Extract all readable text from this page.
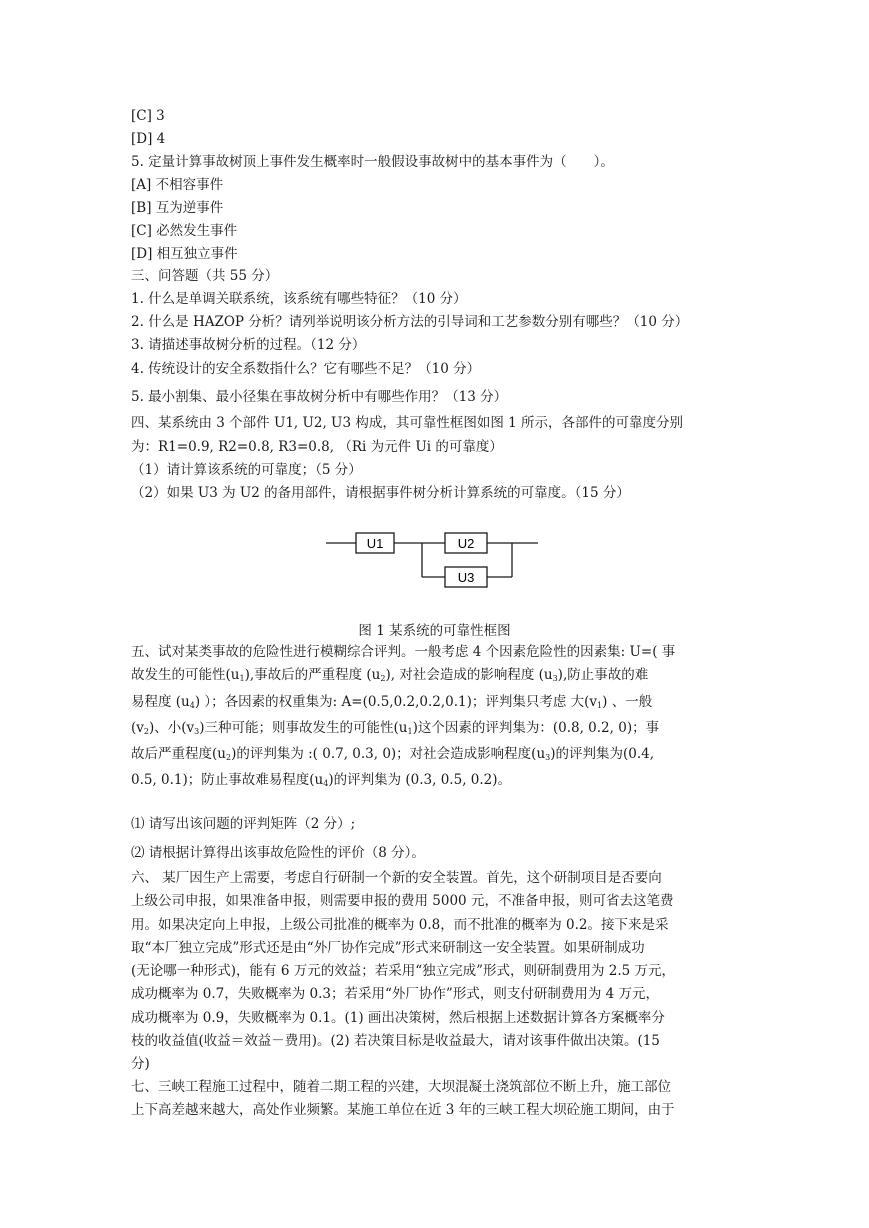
[C] 3
[D] 4
5. 定量计算事故树顶上事件发生概率时一般假设事故树中的基本事件为（　　）。
[A] 不相容事件
[B] 互为逆事件
[C] 必然发生事件
[D] 相互独立事件
三、问答题（共 55 分）
1. 什么是单调关联系统，该系统有哪些特征？（10 分）
2. 什么是 HAZOP 分析？请列举说明该分析方法的引导词和工艺参数分别有哪些？（10 分）
3. 请描述事故树分析的过程。（12 分）
4. 传统设计的安全系数指什么？它有哪些不足？（10 分）
5. 最小割集、最小径集在事故树分析中有哪些作用？（13 分）
四、某系统由 3 个部件 U1, U2, U3 构成，其可靠性框图如图 1 所示，各部件的可靠度分别
为：R1=0.9, R2=0.8, R3=0.8, （Ri 为元件 Ui 的可靠度）
（1）请计算该系统的可靠度；（5 分）
（2）如果 U3 为 U2 的备用部件，请根据事件树分析计算系统的可靠度。（15 分）
U1	U2
U3
图 1 某系统的可靠性框图
五、试对某类事故的危险性进行模糊综合评判。一般考虑 4 个因素危险性的因素集: U=( 事
故发生的可能性$(u_1)$,事故后的严重程度 $(u_2)$, 对社会造成的影响程度 $(u_3)$,防止事故的难
易程度 $(u_4)$ ）；各因素的权重集为: A=(0.5,0.2,0.2,0.1)；评判集只考虑 大$(v_1)$ 、一般
$(v_2)$、小$(v_3)$三种可能；则事故发生的可能性$(u_1)$这个因素的评判集为：(0.8, 0.2, 0)；事
故后严重程度$(u_2)$的评判集为 :( 0.7, 0.3, 0)；对社会造成影响程度$(u_3)$的评判集为(0.4,
0.5, 0.1)；防止事故难易程度$(u_4)$的评判集为 (0.3, 0.5, 0.2)。
⑴ 请写出该问题的评判矩阵（2 分）;
⑵ 请根据计算得出该事故危险性的评价（8 分）。
六、 某厂因生产上需要，考虑自行研制一个新的安全装置。首先，这个研制项目是否要向
上级公司申报，如果准备申报，则需要申报的费用 5000 元，不准备申报，则可省去这笔费
用。如果决定向上申报，上级公司批准的概率为 0.8，而不批准的概率为 0.2。接下来是采
取“本厂独立完成”形式还是由“外厂协作完成”形式来研制这一安全装置。如果研制成功
(无论哪一种形式)，能有 6 万元的效益；若采用“独立完成”形式，则研制费用为 2.5 万元，
成功概率为 0.7，失败概率为 0.3；若采用“外厂协作”形式，则支付研制费用为 4 万元，
成功概率为 0.9，失败概率为 0.1。(1) 画出决策树，然后根据上述数据计算各方案概率分
枝的收益值(收益＝效益－费用)。(2) 若决策目标是收益最大，请对该事件做出决策。(15
分)
七、三峡工程施工过程中，随着二期工程的兴建，大坝混凝土浇筑部位不断上升，施工部位
上下高差越来越大，高处作业频繁。某施工单位在近 3 年的三峡工程大坝砼施工期间，由于
